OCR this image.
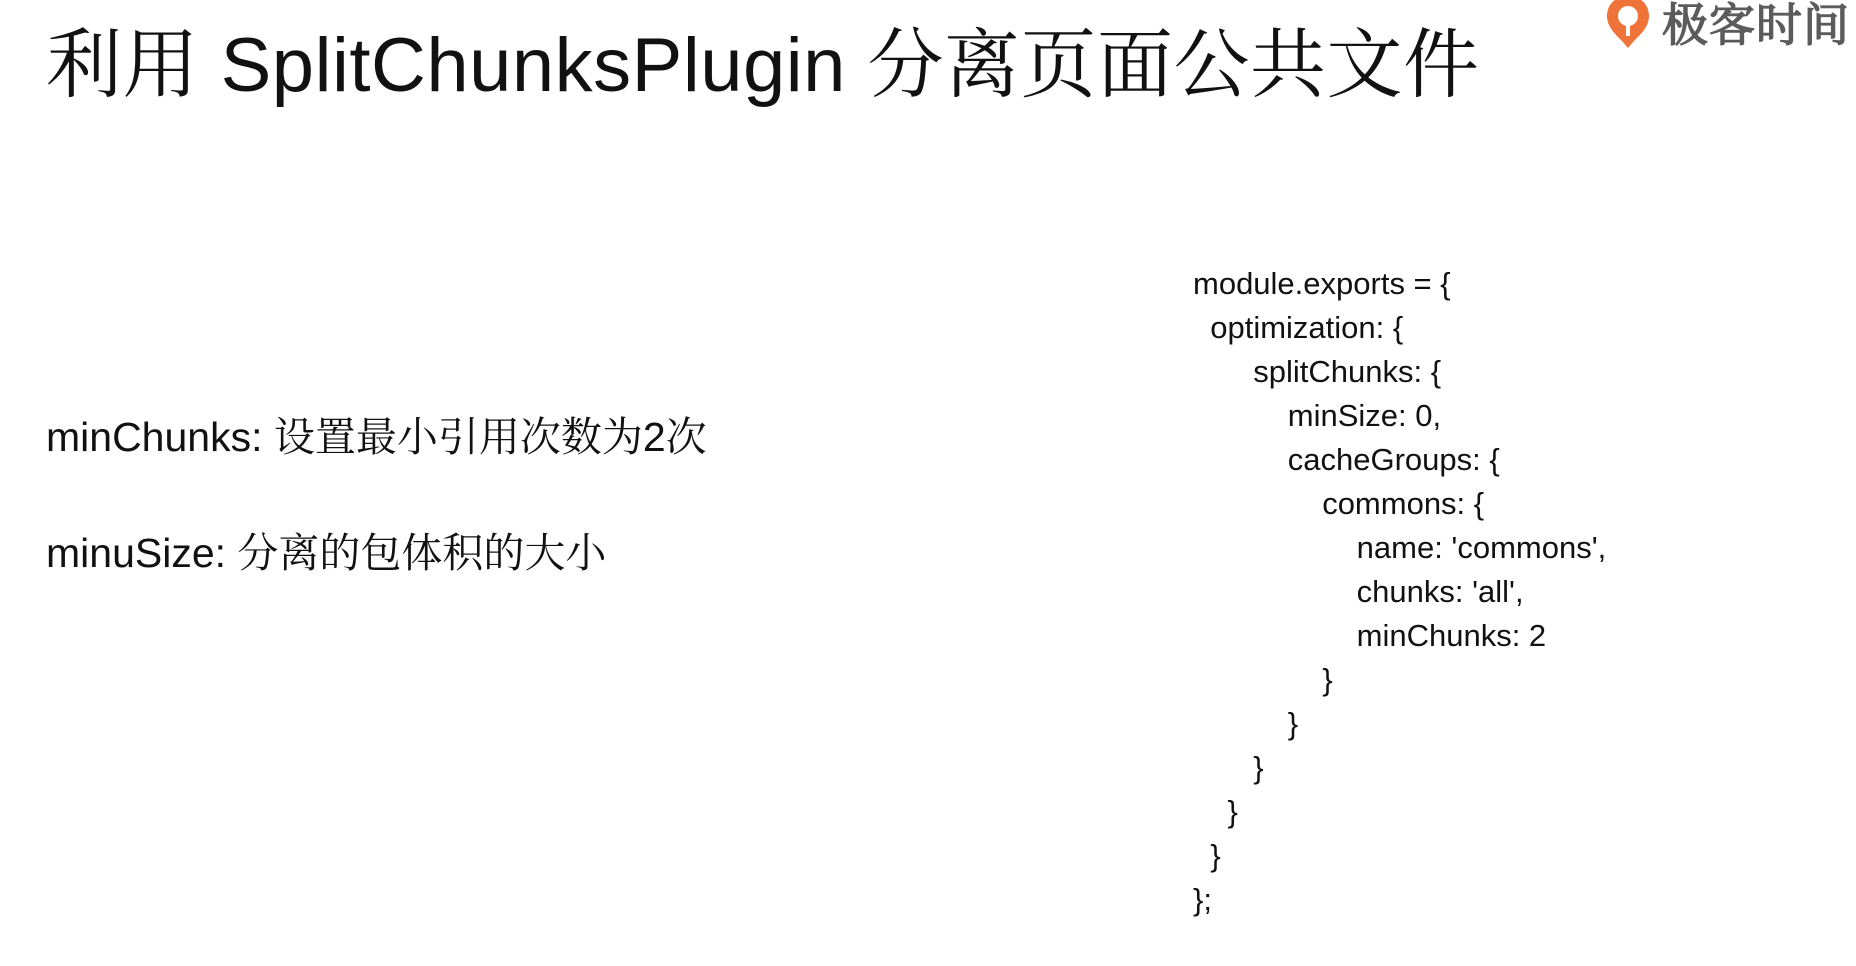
利用 SplitChunksPlugin 分离页面公共文件	极客时间

minChunks: 设置最小引用次数为2次

minuSize: 分离的包体积的大小

module.exports = {
optimization: {
splitChunks: {
minSize: 0,
cacheGroups: {
commons: {
name: 'commons',
chunks: 'all',
minChunks: 2
}
}
}
}
}
};
